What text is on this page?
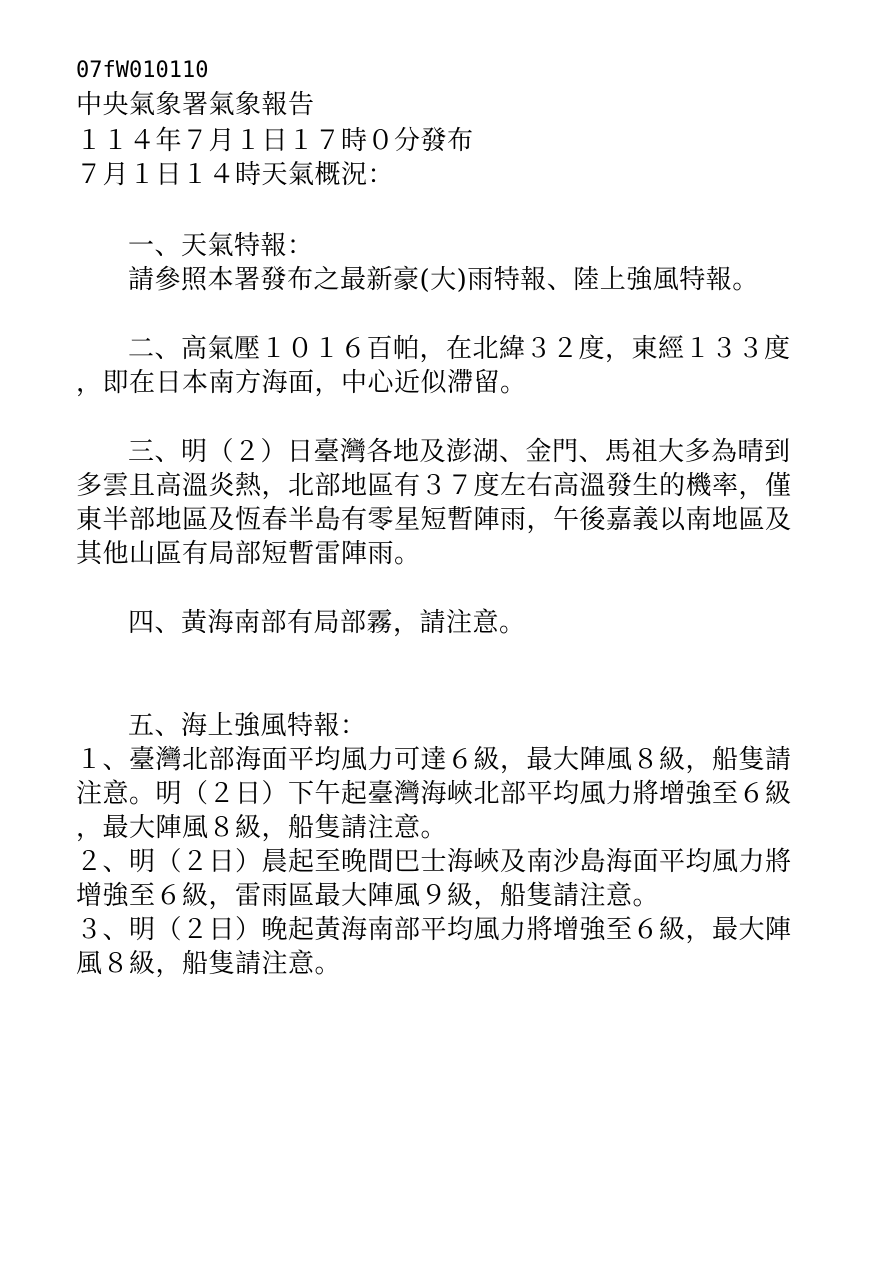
07fW010110
中央氣象署氣象報告
１１４年７月１日１７時０分發布
７月１日１４時天氣概況：
一、天氣特報：
請參照本署發布之最新豪(大)雨特報、陸上強風特報。
二、高氣壓１０１６百帕，在北緯３２度，東經１３３度
，即在日本南方海面，中心近似滯留。
三、明（２）日臺灣各地及澎湖、金門、馬祖大多為晴到
多雲且高溫炎熱，北部地區有３７度左右高溫發生的機率，僅
東半部地區及恆春半島有零星短暫陣雨，午後嘉義以南地區及
其他山區有局部短暫雷陣雨。
四、黃海南部有局部霧，請注意。
五、海上強風特報：
１、臺灣北部海面平均風力可達６級，最大陣風８級，船隻請
注意。明（２日）下午起臺灣海峽北部平均風力將增強至６級
，最大陣風８級，船隻請注意。
２、明（２日）晨起至晚間巴士海峽及南沙島海面平均風力將
增強至６級，雷雨區最大陣風９級，船隻請注意。
３、明（２日）晚起黃海南部平均風力將增強至６級，最大陣
風８級，船隻請注意。
